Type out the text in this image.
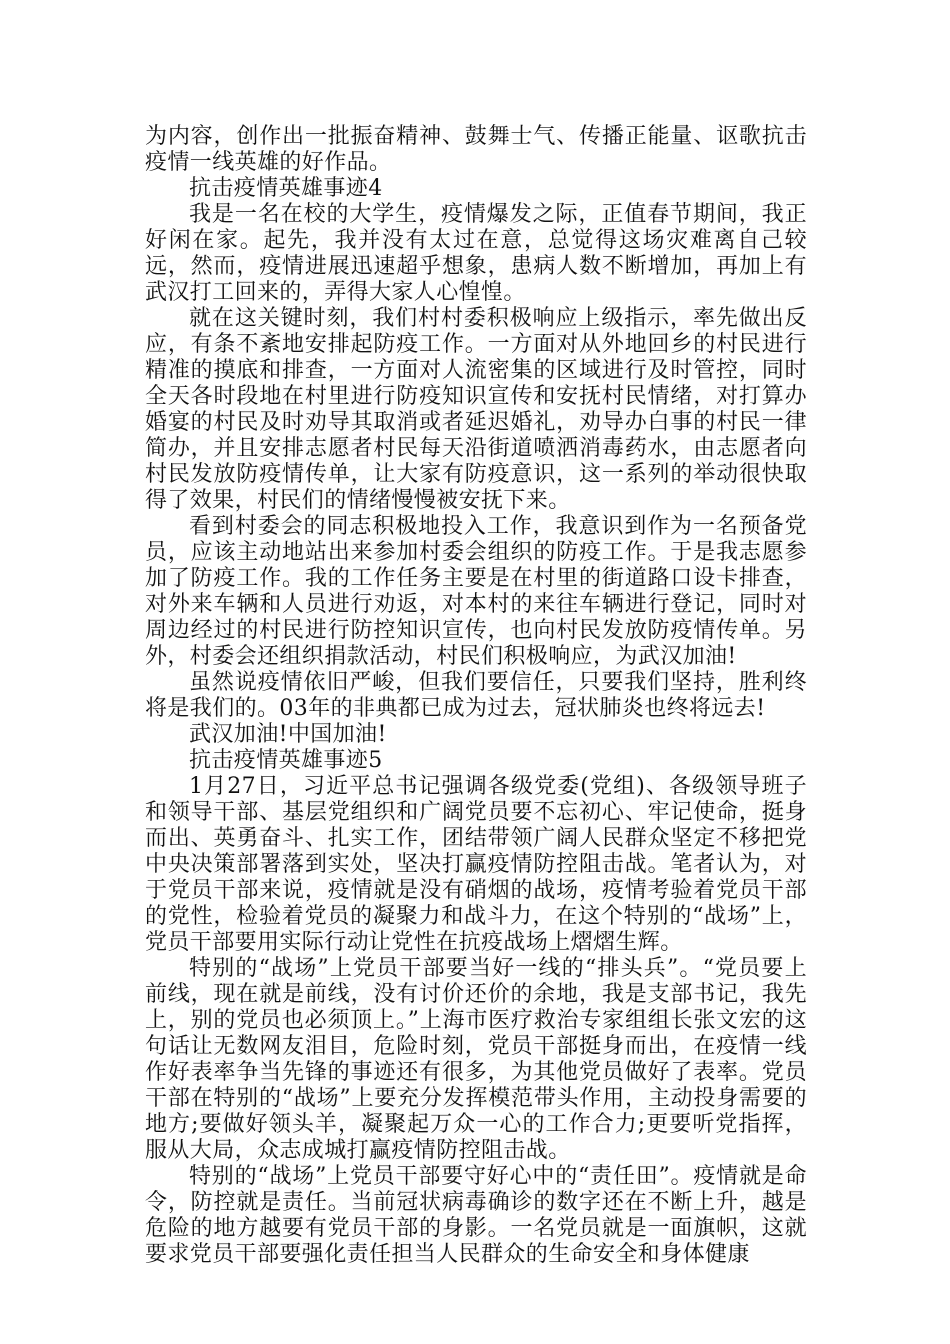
为内容，创作出一批振奋精神、鼓舞士气、传播正能量、讴歌抗击疫情一线英雄的好作品。

抗击疫情英雄事迹4

我是一名在校的大学生，疫情爆发之际，正值春节期间，我正好闲在家。起先，我并没有太过在意，总觉得这场灾难离自己较远，然而，疫情进展迅速超乎想象，患病人数不断增加，再加上有武汉打工回来的，弄得大家人心惶惶。

就在这关键时刻，我们村村委积极响应上级指示，率先做出反应，有条不紊地安排起防疫工作。一方面对从外地回乡的村民进行精准的摸底和排查，一方面对人流密集的区域进行及时管控，同时全天各时段地在村里进行防疫知识宣传和安抚村民情绪，对打算办婚宴的村民及时劝导其取消或者延迟婚礼，劝导办白事的村民一律简办，并且安排志愿者村民每天沿街道喷洒消毒药水，由志愿者向村民发放防疫情传单，让大家有防疫意识，这一系列的举动很快取得了效果，村民们的情绪慢慢被安抚下来。

看到村委会的同志积极地投入工作，我意识到作为一名预备党员，应该主动地站出来参加村委会组织的防疫工作。于是我志愿参加了防疫工作。我的工作任务主要是在村里的街道路口设卡排查，对外来车辆和人员进行劝返，对本村的来往车辆进行登记，同时对周边经过的村民进行防控知识宣传，也向村民发放防疫情传单。另外，村委会还组织捐款活动，村民们积极响应，为武汉加油!

虽然说疫情依旧严峻，但我们要信任，只要我们坚持，胜利终将是我们的。03年的非典都已成为过去，冠状肺炎也终将远去!

武汉加油!中国加油!

抗击疫情英雄事迹5

1月27日，习近平总书记强调各级党委(党组)、各级领导班子和领导干部、基层党组织和广阔党员要不忘初心、牢记使命，挺身而出、英勇奋斗、扎实工作，团结带领广阔人民群众坚定不移把党中央决策部署落到实处，坚决打赢疫情防控阻击战。笔者认为，对于党员干部来说，疫情就是没有硝烟的战场，疫情考验着党员干部的党性，检验着党员的凝聚力和战斗力，在这个特别的“战场”上，党员干部要用实际行动让党性在抗疫战场上熠熠生辉。

特别的“战场”上党员干部要当好一线的“排头兵”。“党员要上前线，现在就是前线，没有讨价还价的余地，我是支部书记，我先上，别的党员也必须顶上。”上海市医疗救治专家组组长张文宏的这句话让无数网友泪目，危险时刻，党员干部挺身而出，在疫情一线作好表率争当先锋的事迹还有很多，为其他党员做好了表率。党员干部在特别的“战场”上要充分发挥模范带头作用，主动投身需要的地方;要做好领头羊，凝聚起万众一心的工作合力;更要听党指挥，服从大局，众志成城打赢疫情防控阻击战。

特别的“战场”上党员干部要守好心中的“责任田”。疫情就是命令，防控就是责任。当前冠状病毒确诊的数字还在不断上升，越是危险的地方越要有党员干部的身影。一名党员就是一面旗帜，这就要求党员干部要强化责任担当人民群众的生命安全和身体健康
